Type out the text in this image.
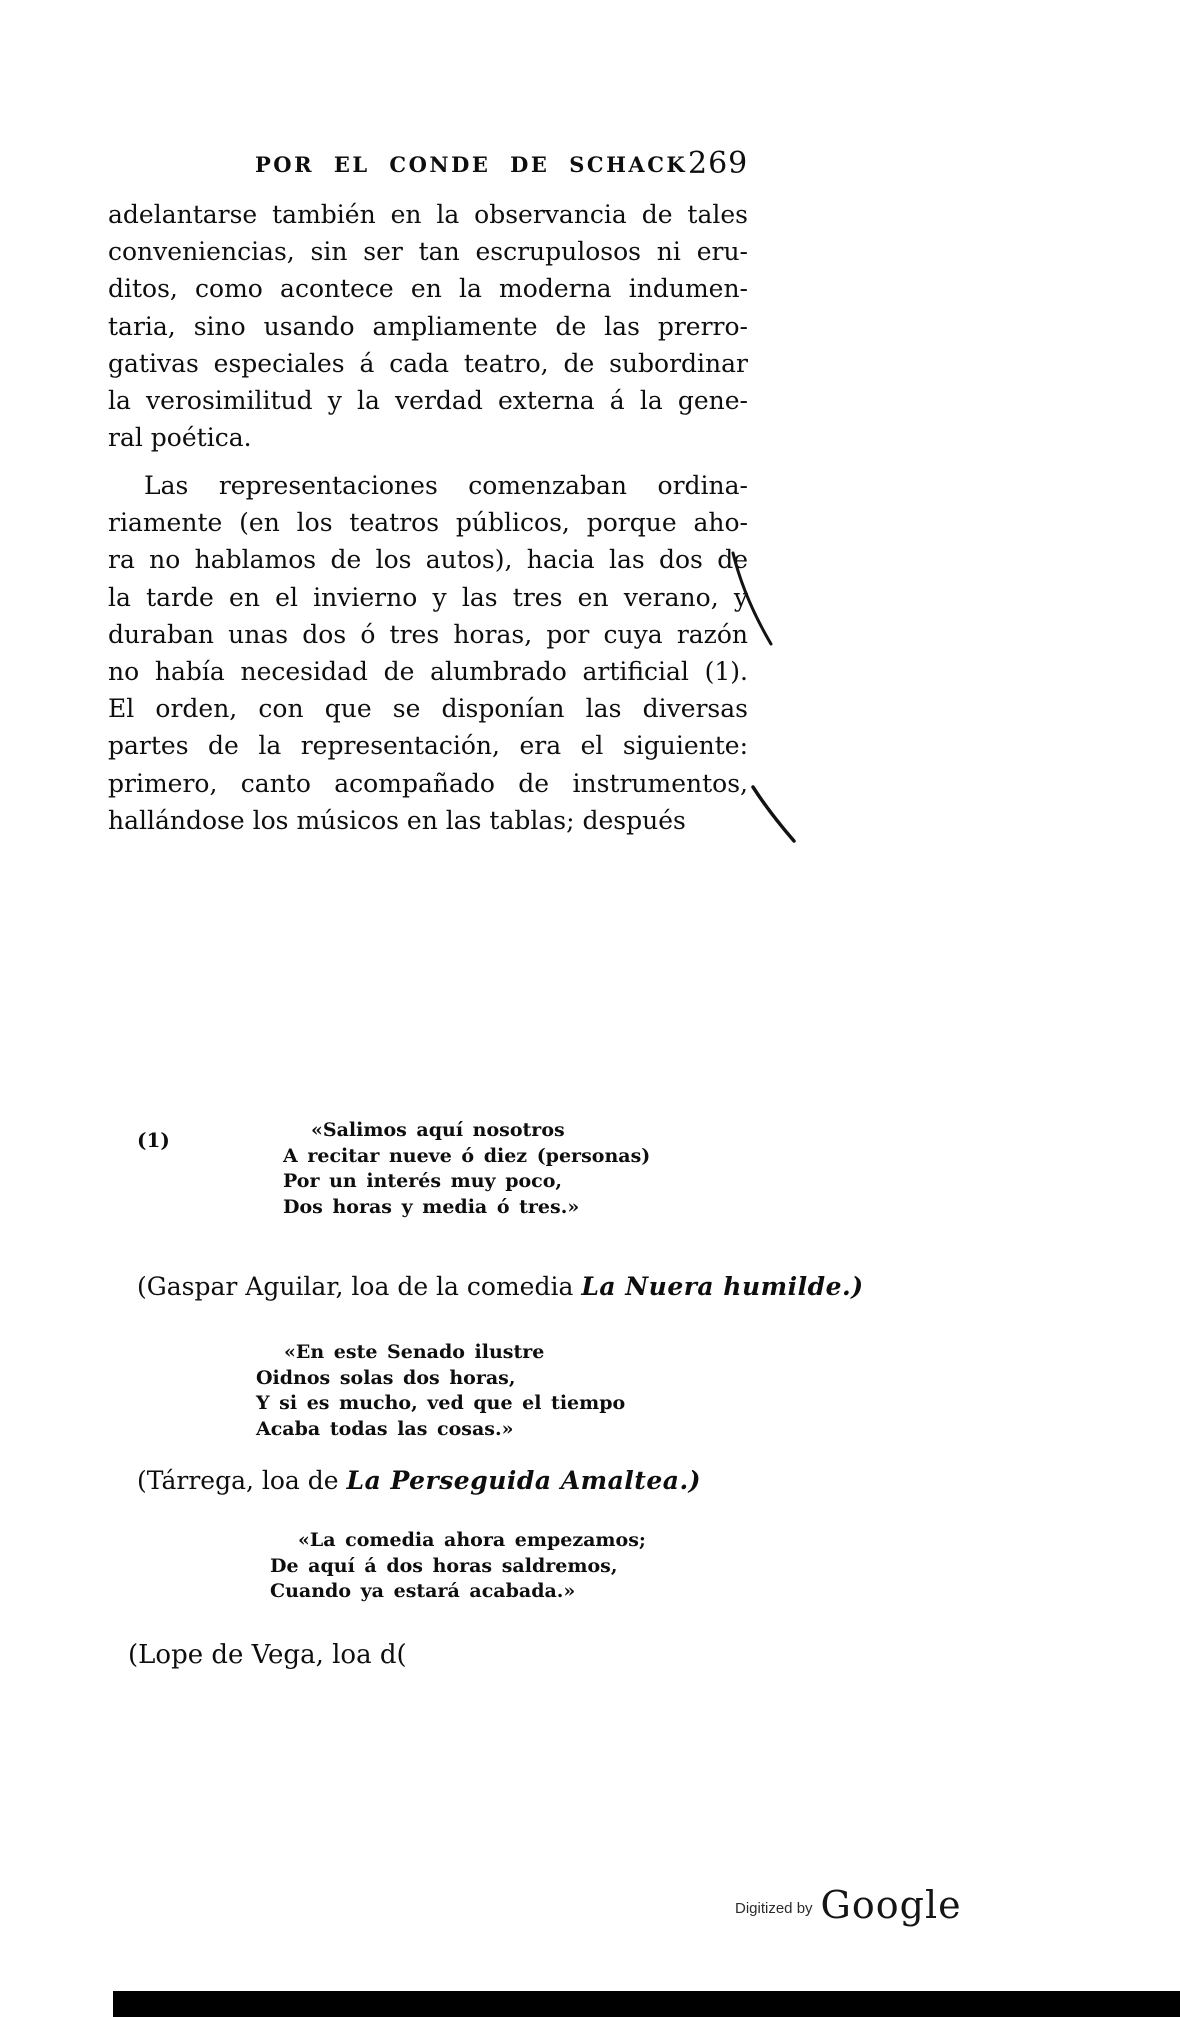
POR EL CONDE DE SCHACK 269
adelantarse también en la observancia de tales
conveniencias, sin ser tan escrupulosos ni eru-
ditos, como acontece en la moderna indumen-
taria, sino usando ampliamente de las prerro-
gativas especiales á cada teatro, de subordinar
la verosimilitud y la verdad externa á la gene-
ral poética.
Las representaciones comenzaban ordina-
riamente (en los teatros públicos, porque aho-
ra no hablamos de los autos), hacia las dos de
la tarde en el invierno y las tres en verano, y
duraban unas dos ó tres horas, por cuya razón
no había necesidad de alumbrado artificial (1).
El orden, con que se disponían las diversas
partes de la representación, era el siguiente:
primero, canto acompañado de instrumentos,
hallándose los músicos en las tablas; después
(1)	«Salimos aquí nosotros
A recitar nueve ó diez (personas)
Por un interés muy poco,
Dos horas y media ó tres.»
(Gaspar Aguilar, loa de la comedia La Nuera humilde.)
«En este Senado ilustre
Oidnos solas dos horas,
Y si es mucho, ved que el tiempo
Acaba todas las cosas.»
(Tárrega, loa de La Perseguida Amaltea.)
«La comedia ahora empezamos;
De aquí á dos horas saldremos,
Cuando ya estará acabada.»
(Lope de Vega, loa d(
Digitized by Google
